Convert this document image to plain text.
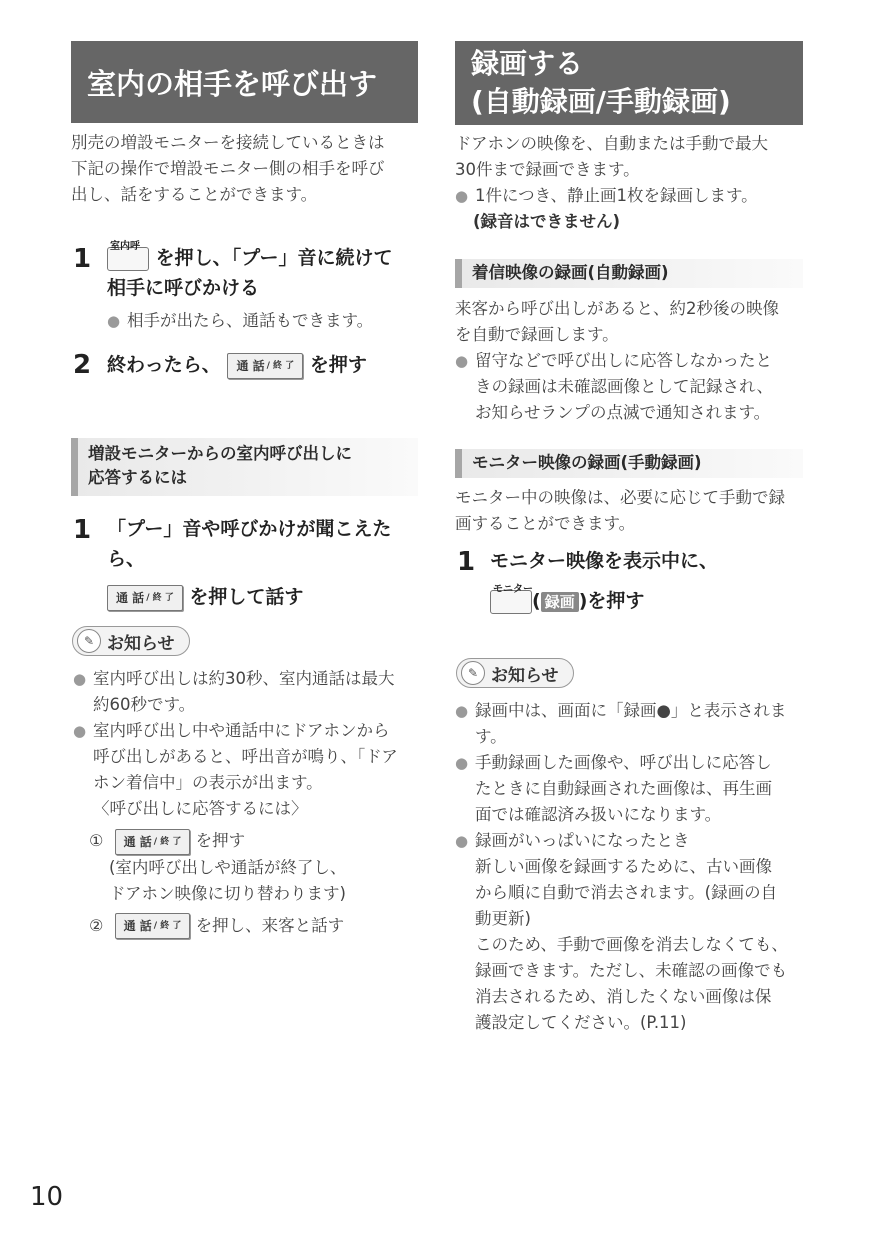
室内の相手を呼び出す
別売の増設モニターを接続しているときは
下記の操作で増設モニター側の相手を呼び
出し、話をすることができます。
1 室内呼
を押し、「プー」音に続けて
相手に呼びかける
● 相手が出たら、通話もできます。
2 終わったら、 通 話 / 終 了 を押す
増設モニターからの室内呼び出しに
応答するには
1 「プー」音や呼びかけが聞こえたら、
通 話 / 終 了 を押して話す
✎ お知らせ
● 室内呼び出しは約30秒、室内通話は最大
約60秒です。
● 室内呼び出し中や通話中にドアホンから
呼び出しがあると、呼出音が鳴り、「ドア
ホン着信中」の表示が出ます。
〈呼び出しに応答するには〉
① 通 話 / 終 了 を押す
(室内呼び出しや通話が終了し、
ドアホン映像に切り替わります)
② 通 話 / 終 了 を押し、来客と話す
録画する
(自動録画/手動録画)
ドアホンの映像を、自動または手動で最大
30件まで録画できます。
● 1件につき、静止画1枚を録画します。
(録音はできません)
着信映像の録画(自動録画)
来客から呼び出しがあると、約2秒後の映像
を自動で録画します。
● 留守などで呼び出しに応答しなかったと
きの録画は未確認画像として記録され、
お知らせランプの点滅で通知されます。
モニター映像の録画(手動録画)
モニター中の映像は、必要に応じて手動で録
画することができます。
1 モニター映像を表示中に、
モニター
( 録画 )を押す
✎ お知らせ
● 録画中は、画面に「録画●」と表示されま
す。
● 手動録画した画像や、呼び出しに応答し
たときに自動録画された画像は、再生画
面では確認済み扱いになります。
● 録画がいっぱいになったとき
新しい画像を録画するために、古い画像
から順に自動で消去されます。(録画の自
動更新)
このため、手動で画像を消去しなくても、
録画できます。ただし、未確認の画像でも
消去されるため、消したくない画像は保
護設定してください。(P.11)
10
